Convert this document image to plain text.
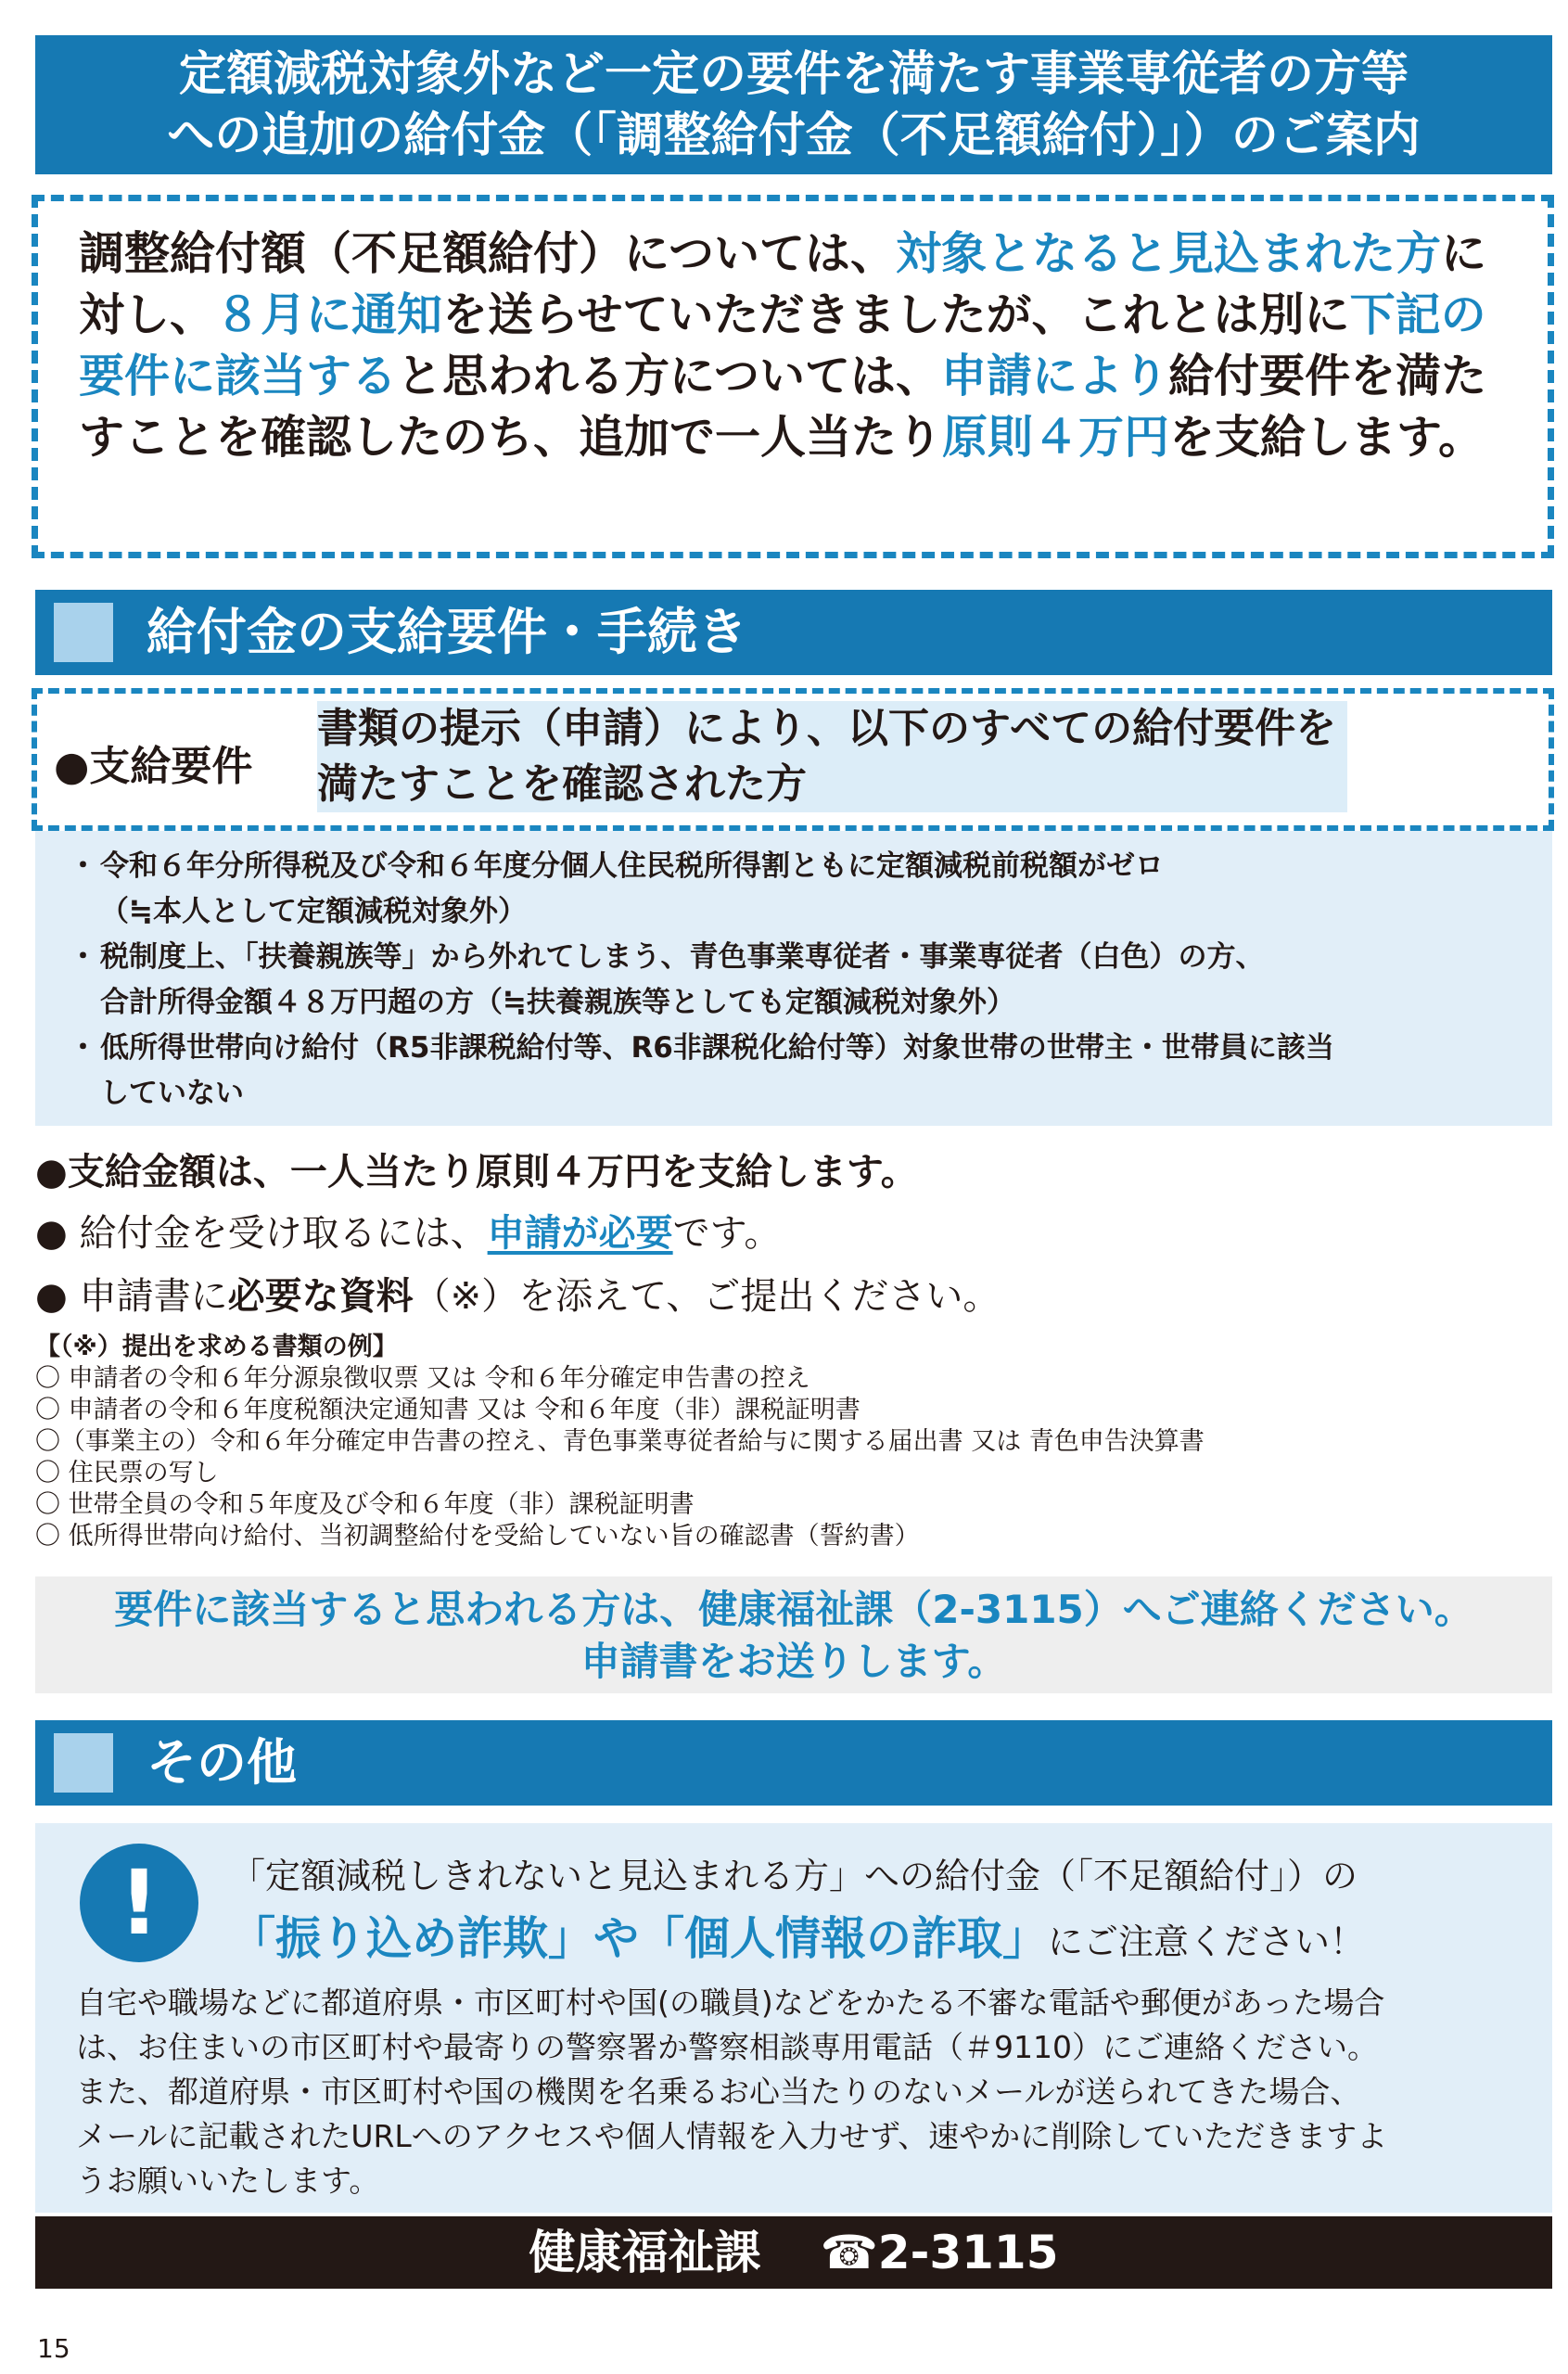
定額減税対象外など一定の要件を満たす事業専従者の方等
への追加の給付金（「調整給付金（不足額給付）」）のご案内
調整給付額（不足額給付）については、対象となると見込まれた方に対し、８月に通知を送らせていただきましたが、これとは別に下記の要件に該当すると思われる方については、申請により給付要件を満たすことを確認したのち、追加で一人当たり原則４万円を支給します。
給付金の支給要件・手続き
●支給要件
書類の提示（申請）により、以下のすべての給付要件を
満たすことを確認された方
・ 令和６年分所得税及び令和６年度分個人住民税所得割ともに定額減税前税額がゼロ
（≒本人として定額減税対象外）
・ 税制度上、「扶養親族等」から外れてしまう、青色事業専従者・事業専従者（白色）の方、
合計所得金額４８万円超の方（≒扶養親族等としても定額減税対象外）
・ 低所得世帯向け給付（R5非課税給付等、R6非課税化給付等）対象世帯の世帯主・世帯員に該当
していない
●支給金額は、一人当たり原則４万円を支給します。
● 給付金を受け取るには、申請が必要です。
● 申請書に必要な資料（※）を添えて、ご提出ください。
【（※）提出を求める書類の例】
〇 申請者の令和６年分源泉徴収票 又は 令和６年分確定申告書の控え
〇 申請者の令和６年度税額決定通知書 又は 令和６年度（非）課税証明書
〇（事業主の）令和６年分確定申告書の控え、青色事業専従者給与に関する届出書 又は 青色申告決算書
〇 住民票の写し
〇 世帯全員の令和５年度及び令和６年度（非）課税証明書
〇 低所得世帯向け給付、当初調整給付を受給していない旨の確認書（誓約書）
要件に該当すると思われる方は、健康福祉課（2-3115）へご連絡ください。
申請書をお送りします。
その他
!	「定額減税しきれないと見込まれる方」への給付金（「不足額給付」）の
「振り込め詐欺」や「個人情報の詐取」にご注意ください！
自宅や職場などに都道府県・市区町村や国(の職員)などをかたる不審な電話や郵便があった場合
は、お住まいの市区町村や最寄りの警察署か警察相談専用電話（＃9110）にご連絡ください。
また、都道府県・市区町村や国の機関を名乗るお心当たりのないメールが送られてきた場合、
メールに記載されたURLへのアクセスや個人情報を入力せず、速やかに削除していただきますよ
うお願いいたします。
健康福祉課 ☎2-3115
15
